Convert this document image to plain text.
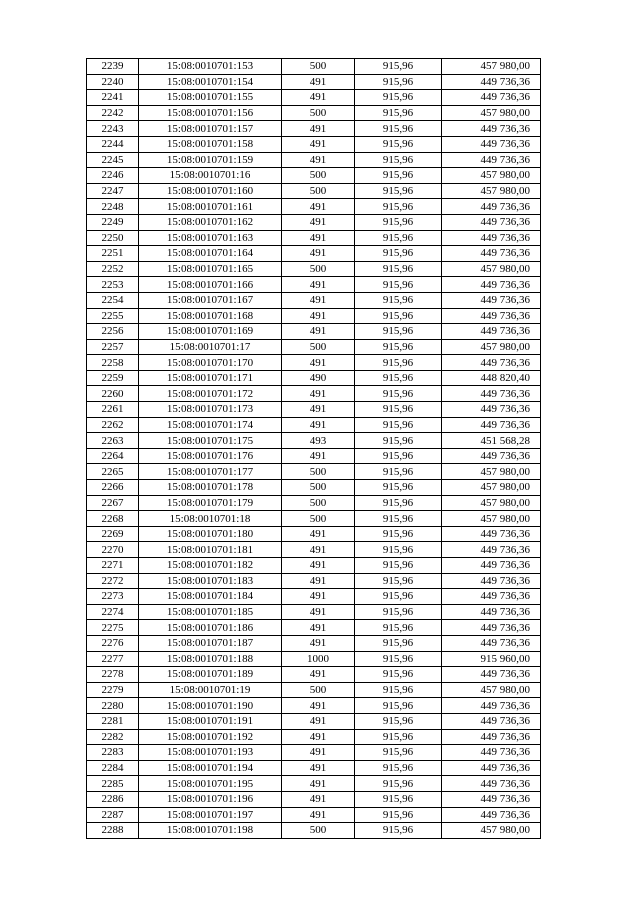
2239	15:08:0010701:153	500	915,96	457 980,00
2240	15:08:0010701:154	491	915,96	449 736,36
2241	15:08:0010701:155	491	915,96	449 736,36
2242	15:08:0010701:156	500	915,96	457 980,00
2243	15:08:0010701:157	491	915,96	449 736,36
2244	15:08:0010701:158	491	915,96	449 736,36
2245	15:08:0010701:159	491	915,96	449 736,36
2246	15:08:0010701:16	500	915,96	457 980,00
2247	15:08:0010701:160	500	915,96	457 980,00
2248	15:08:0010701:161	491	915,96	449 736,36
2249	15:08:0010701:162	491	915,96	449 736,36
2250	15:08:0010701:163	491	915,96	449 736,36
2251	15:08:0010701:164	491	915,96	449 736,36
2252	15:08:0010701:165	500	915,96	457 980,00
2253	15:08:0010701:166	491	915,96	449 736,36
2254	15:08:0010701:167	491	915,96	449 736,36
2255	15:08:0010701:168	491	915,96	449 736,36
2256	15:08:0010701:169	491	915,96	449 736,36
2257	15:08:0010701:17	500	915,96	457 980,00
2258	15:08:0010701:170	491	915,96	449 736,36
2259	15:08:0010701:171	490	915,96	448 820,40
2260	15:08:0010701:172	491	915,96	449 736,36
2261	15:08:0010701:173	491	915,96	449 736,36
2262	15:08:0010701:174	491	915,96	449 736,36
2263	15:08:0010701:175	493	915,96	451 568,28
2264	15:08:0010701:176	491	915,96	449 736,36
2265	15:08:0010701:177	500	915,96	457 980,00
2266	15:08:0010701:178	500	915,96	457 980,00
2267	15:08:0010701:179	500	915,96	457 980,00
2268	15:08:0010701:18	500	915,96	457 980,00
2269	15:08:0010701:180	491	915,96	449 736,36
2270	15:08:0010701:181	491	915,96	449 736,36
2271	15:08:0010701:182	491	915,96	449 736,36
2272	15:08:0010701:183	491	915,96	449 736,36
2273	15:08:0010701:184	491	915,96	449 736,36
2274	15:08:0010701:185	491	915,96	449 736,36
2275	15:08:0010701:186	491	915,96	449 736,36
2276	15:08:0010701:187	491	915,96	449 736,36
2277	15:08:0010701:188	1000	915,96	915 960,00
2278	15:08:0010701:189	491	915,96	449 736,36
2279	15:08:0010701:19	500	915,96	457 980,00
2280	15:08:0010701:190	491	915,96	449 736,36
2281	15:08:0010701:191	491	915,96	449 736,36
2282	15:08:0010701:192	491	915,96	449 736,36
2283	15:08:0010701:193	491	915,96	449 736,36
2284	15:08:0010701:194	491	915,96	449 736,36
2285	15:08:0010701:195	491	915,96	449 736,36
2286	15:08:0010701:196	491	915,96	449 736,36
2287	15:08:0010701:197	491	915,96	449 736,36
2288	15:08:0010701:198	500	915,96	457 980,00
